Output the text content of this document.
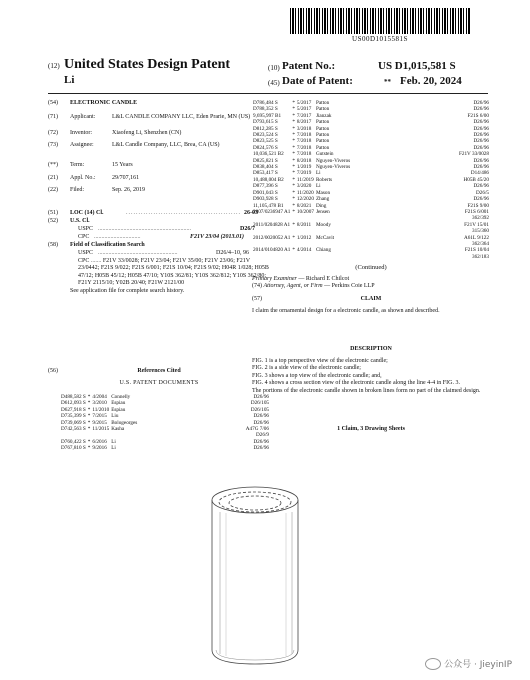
US00D1015581S
(12) United States Design Patent
Li
(10) Patent No.:	US D1,015,581 S
(45) Date of Patent:	** Feb. 20, 2024
(54) ELECTRONIC CANDLE
(71) Applicant:	L&L CANDLE COMPANY LLC, Eden Prarie, MN (US)
(72) Inventor:	Xiaofeng Li, Shenzhen (CN)
(73) Assignee:	L&L Candle Company, LLC, Brea, CA (US)
(**) Term:	15 Years
(21) Appl. No.:	29/707,161
(22) Filed:	Sep. 26, 2019
(51) LOC (14) Cl.	.............................................. 26-03
(52) U.S. Cl.
USPC ..............................................................	D26/7
CPC ...............................	F21V 23/04 (2013.01)
(58) Field of Classification Search
USPC .....................................................	D26/4–10, 96
CPC ....... F21V 33/0028; F21V 23/04; F21V 35/00; F21V 23/06; F21V 23/0442; F21S 9/022; F21S 6/001; F21S 10/04; F21S 9/02; H04R 1/028; H05B 47/12; H05B 45/12; H05B 47/10; Y10S 362/81; Y10S 362/812; Y10S 362/80; F21Y 2115/10; Y02B 20/40; F21W 2121/00
See application file for complete search history.
(56)	References Cited
U.S. PATENT DOCUMENTS
D488,582 S	*	4/2004	Connelly	D26/96
D612,093 S	*	3/2010	Espiau	D26/105
D627,918 S	*	11/2010	Espiau	D26/105
D735,399 S	*	7/2015	Liu	D26/96
D739,069 S	*	9/2015	Bologeorges	D26/96
D742,563 S	*	11/2015	Kasha	A47G 7/06
				D26/9
D760,422 S	*	6/2016	Li	D26/96
D767,810 S	*	9/2016	Li	D26/96
D786,484 S	*	5/2017	Patton	D26/96
D788,352 S	*	5/2017	Patton	D26/96
9,695,997 B1	*	7/2017	Jianzak	F21S 6/00
D793,615 S	*	8/2017	Patton	D26/96
D812,285 S	*	3/2018	Patton	D26/96
D823,524 S	*	7/2018	Patton	D26/96
D823,525 S	*	7/2018	Patton	D26/96
D824,576 S	*	7/2018	Patton	D26/96
10,036,521 B2	*	7/2018	Gutstein	F21V 33/0028
D825,821 S	*	8/2018	Nguyen-Viveros	D26/96
D838,404 S	*	1/2019	Nguyen-Viveros	D26/96
D853,417 S	*	7/2019	Li	D14/486
10,488,004 B2	*	11/2019	Roberts	H05B 45/20
D877,396 S	*	3/2020	Li	D26/96
D901,043 S	*	11/2020	Mason	D26/5
D903,928 S	*	12/2020	Zhang	D26/96
11,105,478 B1	*	8/2021	Ding	F21S 9/00
2007/0236947 A1	*	10/2007	Jensen	F21S 6/001
				362/392
2011/0204828 A1	*	8/2011	Moody	F21V 15/01
				315/360
2012/0020052 A1	*	1/2012	McCavit	A61L 9/122
				362/364
2014/0104820 A1	*	4/2014	Chiang	F21S 10/04
				362/183
(Continued)
Primary Examiner — Richard E Chilcot
(74) Attorney, Agent, or Firm — Perkins Coie LLP
(57)	CLAIM
I claim the ornamental design for a electronic candle, as shown and described.
DESCRIPTION
FIG. 1 is a top perspective view of the electronic candle;
FIG. 2 is a side view of the electronic candle;
FIG. 3 shows a top view of the electronic candle; and,
FIG. 4 shows a cross section view of the electronic candle along the line 4-4 in FIG. 3.
The portions of the electronic candle shown in broken lines form no part of the claimed design.
1 Claim, 3 Drawing Sheets
公众号 · JieyinIP
